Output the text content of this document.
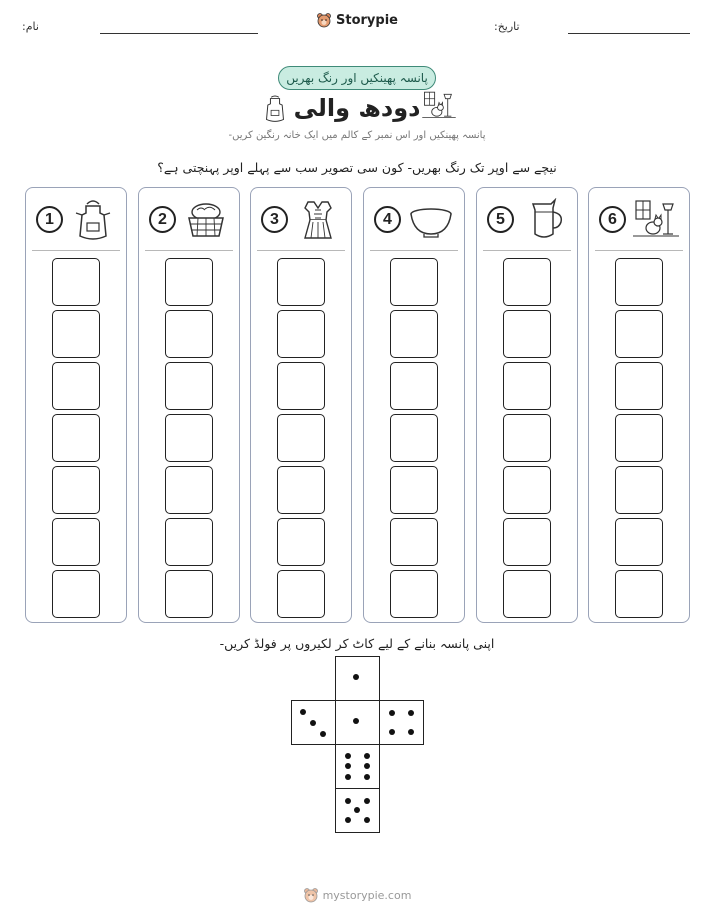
نام:	Storypie	تاریخ:
پانسہ پھینکیں اور رنگ بھریں
دودھ والی
پانسہ پھینکیں اور اس نمبر کے کالم میں ایک خانہ رنگین کریں-
نیچے سے اوپر تک رنگ بھریں- کون سی تصویر سب سے پہلے اوپر پہنچتی ہے؟
1	2	3	4	5	6
اپنی پانسہ بنانے کے لیے کاٹ کر لکیروں پر فولڈ کریں-
mystorypie.com
